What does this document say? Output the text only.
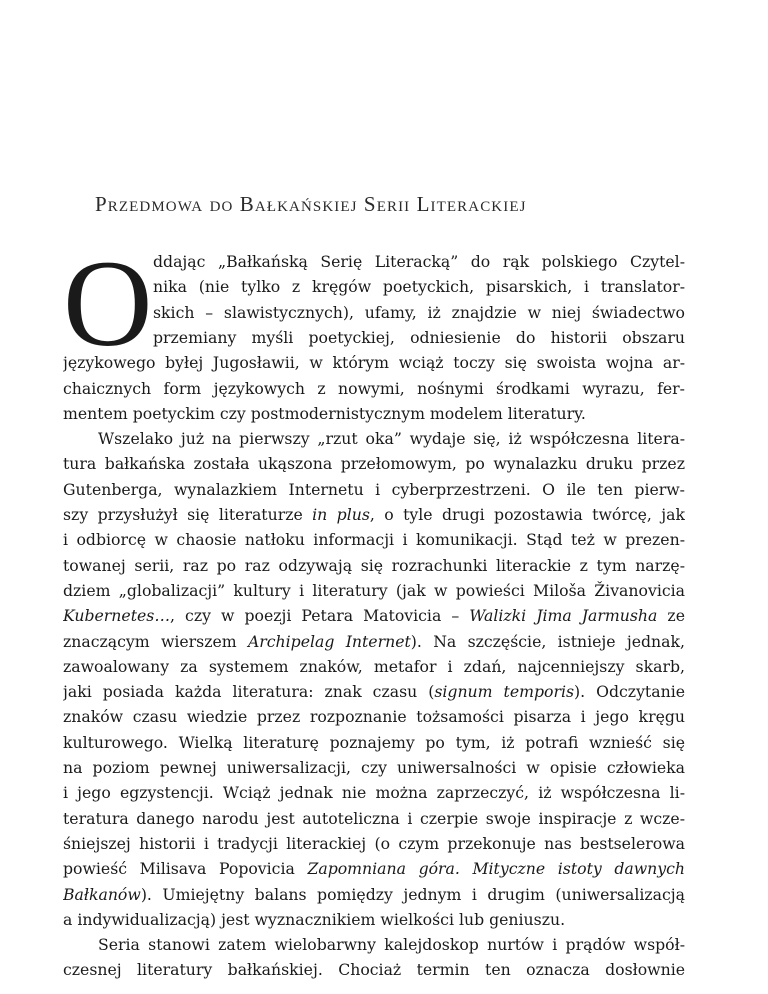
Przedmowa do Bałkańskiej Serii Literackiej
O ddając „Bałkańską Serię Literacką” do rąk polskiego Czytel-
nika (nie tylko z kręgów poetyckich, pisarskich, i translator-
skich – slawistycznych), ufamy, iż znajdzie w niej świadectwo
przemiany myśli poetyckiej, odniesienie do historii obszaru
językowego byłej Jugosławii, w którym wciąż toczy się swoista wojna ar-
chaicznych form językowych z nowymi, nośnymi środkami wyrazu, fer-
mentem poetyckim czy postmodernistycznym modelem literatury.
Wszelako już na pierwszy „rzut oka” wydaje się, iż współczesna litera-
tura bałkańska została ukąszona przełomowym, po wynalazku druku przez
Gutenberga, wynalazkiem Internetu i cyberprzestrzeni. O ile ten pierw-
szy przysłużył się literaturze in plus, o tyle drugi pozostawia twórcę, jak
i odbiorcę w chaosie natłoku informacji i komunikacji. Stąd też w prezen-
towanej serii, raz po raz odzywają się rozrachunki literackie z tym narzę-
dziem „globalizacji” kultury i literatury (jak w powieści Miloša Živanovicia
Kubernetes…, czy w poezji Petara Matovicia – Walizki Jima Jarmusha ze
znaczącym wierszem Archipelag Internet). Na szczęście, istnieje jednak,
zawoalowany za systemem znaków, metafor i zdań, najcenniejszy skarb,
jaki posiada każda literatura: znak czasu (signum temporis). Odczytanie
znaków czasu wiedzie przez rozpoznanie tożsamości pisarza i jego kręgu
kulturowego. Wielką literaturę poznajemy po tym, iż potrafi wznieść się
na poziom pewnej uniwersalizacji, czy uniwersalności w opisie człowieka
i jego egzystencji. Wciąż jednak nie można zaprzeczyć, iż współczesna li-
teratura danego narodu jest autoteliczna i czerpie swoje inspiracje z wcze-
śniejszej historii i tradycji literackiej (o czym przekonuje nas bestselerowa
powieść Milisava Popovicia Zapomniana góra. Mityczne istoty dawnych
Bałkanów). Umiejętny balans pomiędzy jednym i drugim (uniwersalizacją
a indywidualizacją) jest wyznacznikiem wielkości lub geniuszu.
Seria stanowi zatem wielobarwny kalejdoskop nurtów i prądów współ-
czesnej literatury bałkańskiej. Chociaż termin ten oznacza dosłownie
